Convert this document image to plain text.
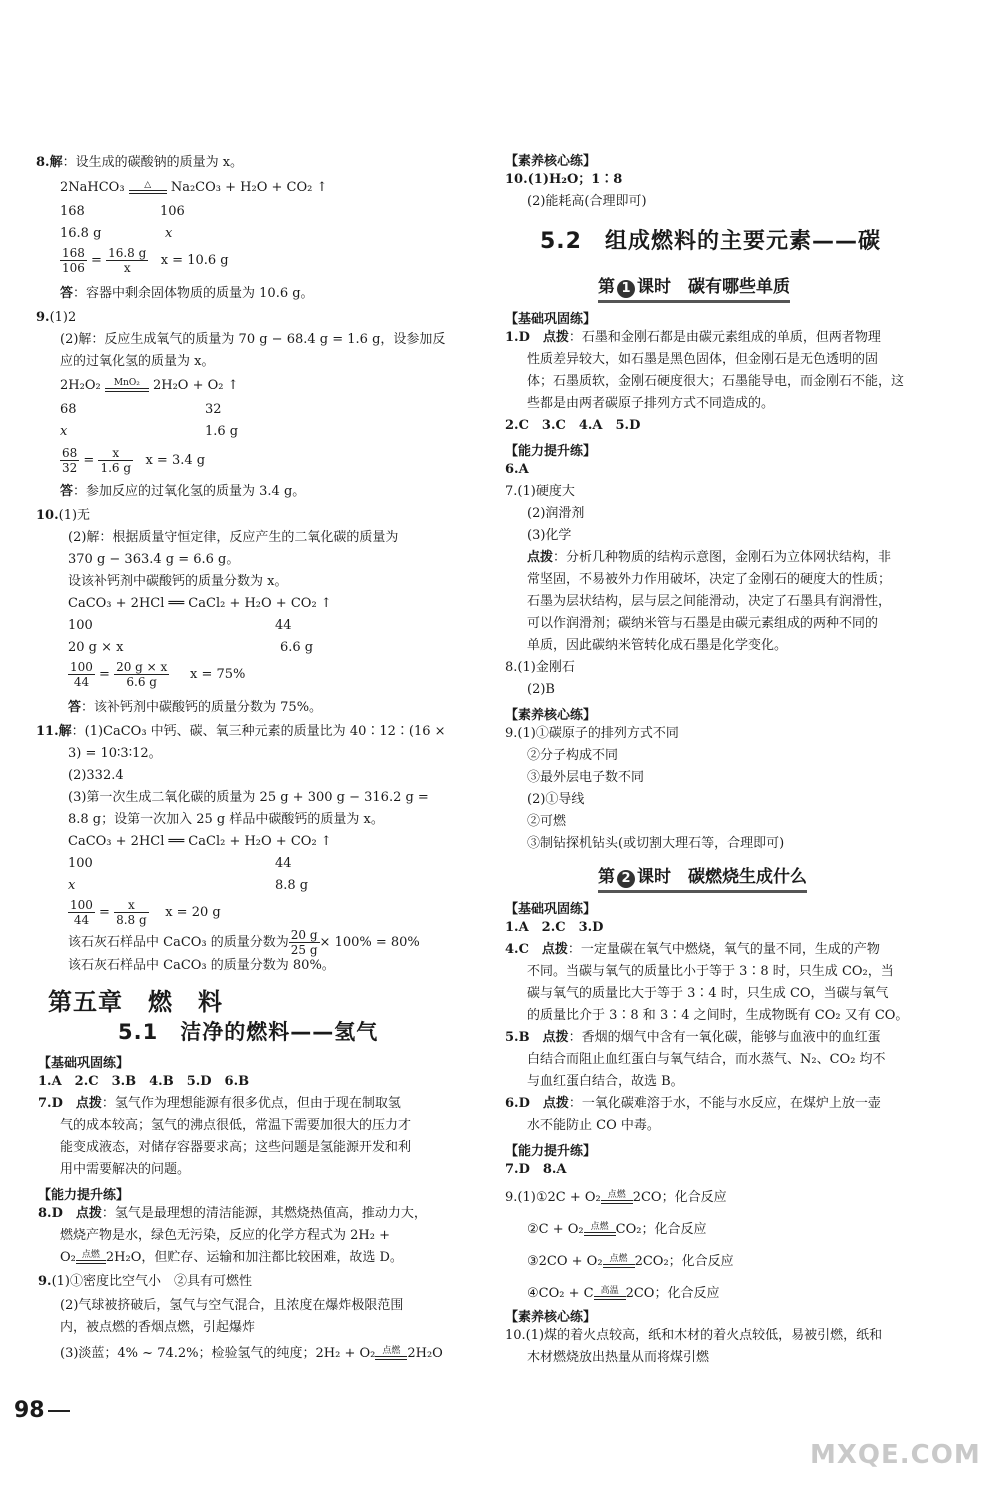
8.解：设生成的碳酸钠的质量为 x。
2NaHCO₃	△	Na₂CO₃ + H₂O + CO₂ ↑
168	106
16.8 g	x
$\frac{168}{106} = \frac{16.8 g}{x}$ x = 10.6 g
答：容器中剩余固体物质的质量为 10.6 g。
9.(1)2
(2)解：反应生成氧气的质量为 70 g − 68.4 g = 1.6 g，设参加反
应的过氧化氢的质量为 x。
2H₂O₂	MnO₂	2H₂O + O₂ ↑
68	32
x	1.6 g
$\frac{68}{32} = \frac{x}{1.6 g}$ x = 3.4 g
答：参加反应的过氧化氢的质量为 3.4 g。
10.(1)无
(2)解：根据质量守恒定律，反应产生的二氧化碳的质量为
370 g − 363.4 g = 6.6 g。
设该补钙剂中碳酸钙的质量分数为 x。
CaCO₃ + 2HCl ══ CaCl₂ + H₂O + CO₂ ↑
100	44
20 g × x	6.6 g
$\frac{100}{44} = \frac{20 g \times x}{6.6 g}$ x = 75%
答：该补钙剂中碳酸钙的质量分数为 75%。
11.解：(1)CaCO₃ 中钙、碳、氧三种元素的质量比为 40∶12∶(16 ×
3) = 10∶3∶12。
(2)332.4
(3)第一次生成二氧化碳的质量为 25 g + 300 g − 316.2 g =
8.8 g；设第一次加入 25 g 样品中碳酸钙的质量为 x。
CaCO₃ + 2HCl ══ CaCl₂ + H₂O + CO₂ ↑
100	44
x	8.8 g
$\frac{100}{44} = \frac{x}{8.8 g}$ x = 20 g
该石灰石样品中 CaCO₃ 的质量分数为 $\frac{20 g}{25 g} \times 100\% = 80\%$
该石灰石样品中 CaCO₃ 的质量分数为 80%。
第五章　燃　料
5.1　洁净的燃料——氢气
【基础巩固练】
1.A　2.C　3.B　4.B　5.D　6.B
7.D　点拨：氢气作为理想能源有很多优点，但由于现在制取氢
气的成本较高；氢气的沸点很低，常温下需要加很大的压力才
能变成液态，对储存容器要求高；这些问题是氢能源开发和利
用中需要解决的问题。
【能力提升练】
8.D　点拨：氢气是最理想的清洁能源，其燃烧热值高，推动力大，
燃烧产物是水，绿色无污染，反应的化学方程式为 2H₂ +
O₂ 点燃 2H₂O，但贮存、运输和加注都比较困难，故选 D。
9.(1)①密度比空气小　②具有可燃性
(2)气球被挤破后，氢气与空气混合，且浓度在爆炸极限范围
内，被点燃的香烟点燃，引起爆炸
(3)淡蓝；4% ~ 74.2%；检验氢气的纯度；2H₂ + O₂ 点燃 2H₂O
98
【素养核心练】
10.(1)H₂O；1∶8
(2)能耗高(合理即可)
5.2　组成燃料的主要元素——碳
第 1 课时　碳有哪些单质
【基础巩固练】
1.D　点拨：石墨和金刚石都是由碳元素组成的单质，但两者物理
性质差异较大，如石墨是黑色固体，但金刚石是无色透明的固
体；石墨质软，金刚石硬度很大；石墨能导电，而金刚石不能，这
些都是由两者碳原子排列方式不同造成的。
2.C　3.C　4.A　5.D
【能力提升练】
6.A
7.(1)硬度大
(2)润滑剂
(3)化学
点拨：分析几种物质的结构示意图，金刚石为立体网状结构，非
常坚固，不易被外力作用破坏，决定了金刚石的硬度大的性质；
石墨为层状结构，层与层之间能滑动，决定了石墨具有润滑性，
可以作润滑剂；碳纳米管与石墨是由碳元素组成的两种不同的
单质，因此碳纳米管转化成石墨是化学变化。
8.(1)金刚石
(2)B
【素养核心练】
9.(1)①碳原子的排列方式不同
②分子构成不同
③最外层电子数不同
(2)①导线
②可燃
③制钻探机钻头(或切割大理石等，合理即可)
第 2 课时　碳燃烧生成什么
【基础巩固练】
1.A　2.C　3.D
4.C　点拨：一定量碳在氧气中燃烧，氧气的量不同，生成的产物
不同。当碳与氧气的质量比小于等于 3∶8 时，只生成 CO₂，当
碳与氧气的质量比大于等于 3∶4 时，只生成 CO，当碳与氧气
的质量比介于 3∶8 和 3∶4 之间时，生成物既有 CO₂ 又有 CO。
5.B　点拨：香烟的烟气中含有一氧化碳，能够与血液中的血红蛋
白结合而阻止血红蛋白与氧气结合，而水蒸气、N₂、CO₂ 均不
与血红蛋白结合，故选 B。
6.D　点拨：一氧化碳难溶于水，不能与水反应，在煤炉上放一壶
水不能防止 CO 中毒。
【能力提升练】
7.D　8.A
9.(1)①2C + O₂ 点燃 2CO；化合反应
②C + O₂ 点燃 CO₂；化合反应
③2CO + O₂ 点燃 2CO₂；化合反应
④CO₂ + C 高温 2CO；化合反应
【素养核心练】
10.(1)煤的着火点较高，纸和木材的着火点较低，易被引燃，纸和
木材燃烧放出热量从而将煤引燃
MXQE.COM
